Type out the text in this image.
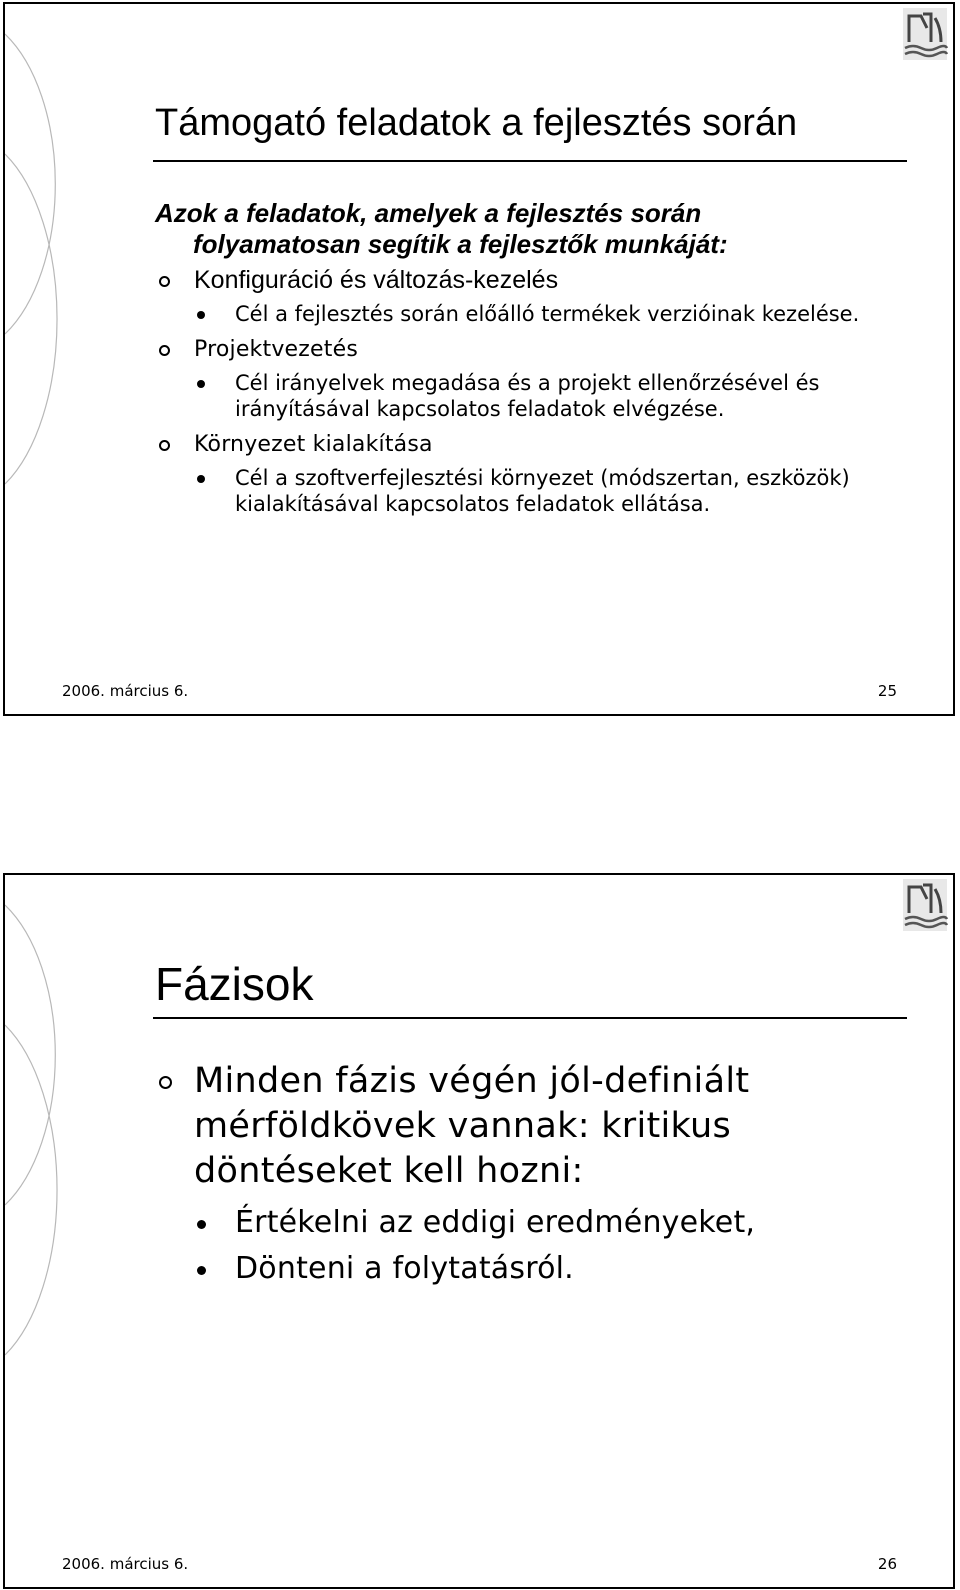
Támogató feladatok a fejlesztés során

Azok a feladatok, amelyek a fejlesztés során
folyamatosan segítik a fejlesztők munkáját:

Konfiguráció és változás-kezelés
Cél a fejlesztés során előálló termékek verzióinak kezelése.
Projektvezetés
Cél irányelvek megadása és a projekt ellenőrzésével és irányításával kapcsolatos feladatok elvégzése.
Környezet kialakítása
Cél a szoftverfejlesztési környezet (módszertan, eszközök) kialakításával kapcsolatos feladatok ellátása.
2006. március 6.	25
Fázisok
Minden fázis végén jól-definiált mérföldkövek vannak: kritikus döntéseket kell hozni:
Értékelni az eddigi eredményeket,
Dönteni a folytatásról.
2006. március 6.	26
